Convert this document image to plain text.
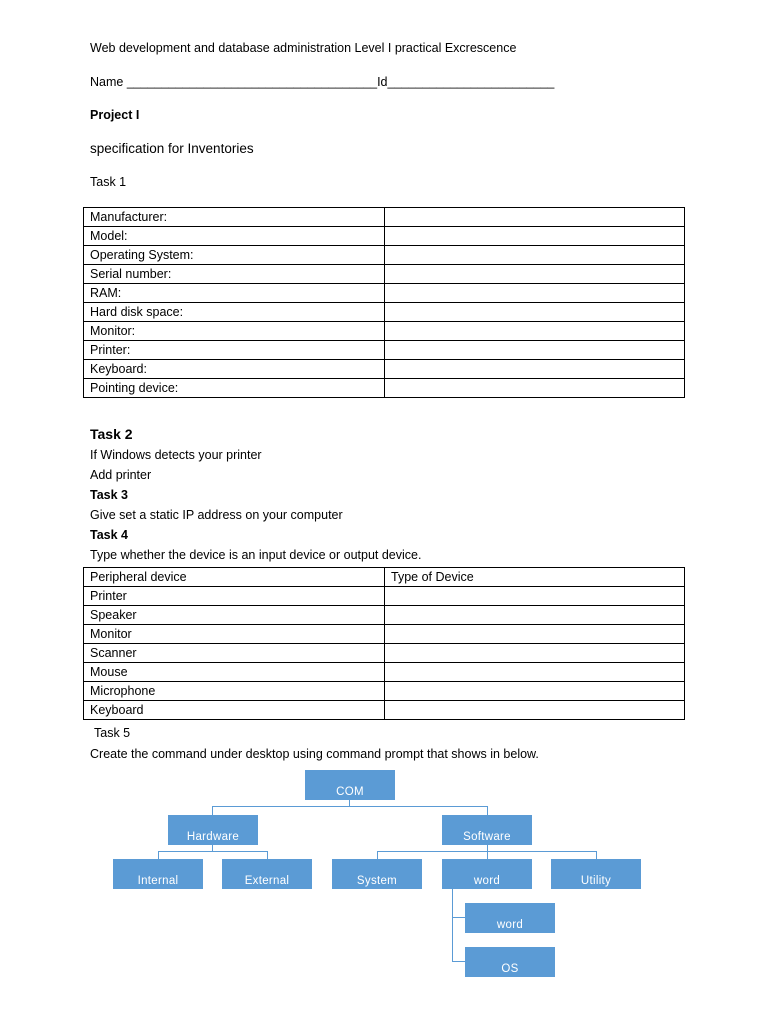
Web development and database administration Level I practical Excrescence
Name ____________________________________Id________________________
Project I
specification for Inventories
Task 1
Manufacturer:	
Model:	
Operating System:	
Serial number:	
RAM:	
Hard disk space:	
Monitor:	
Printer:	
Keyboard:	
Pointing device:	
Task 2
If Windows detects your printer
Add printer
Task 3
Give set a static IP address on your computer
Task 4
Type whether the device is an input device or output device.
Peripheral device	Type of Device
Printer	
Speaker	
Monitor	
Scanner	
Mouse	
Microphone	
Keyboard	
Task 5
Create the command under desktop using command prompt that shows in below.
COM
Hardware	Software
Internal	External	System	word	Utility
word
OS
